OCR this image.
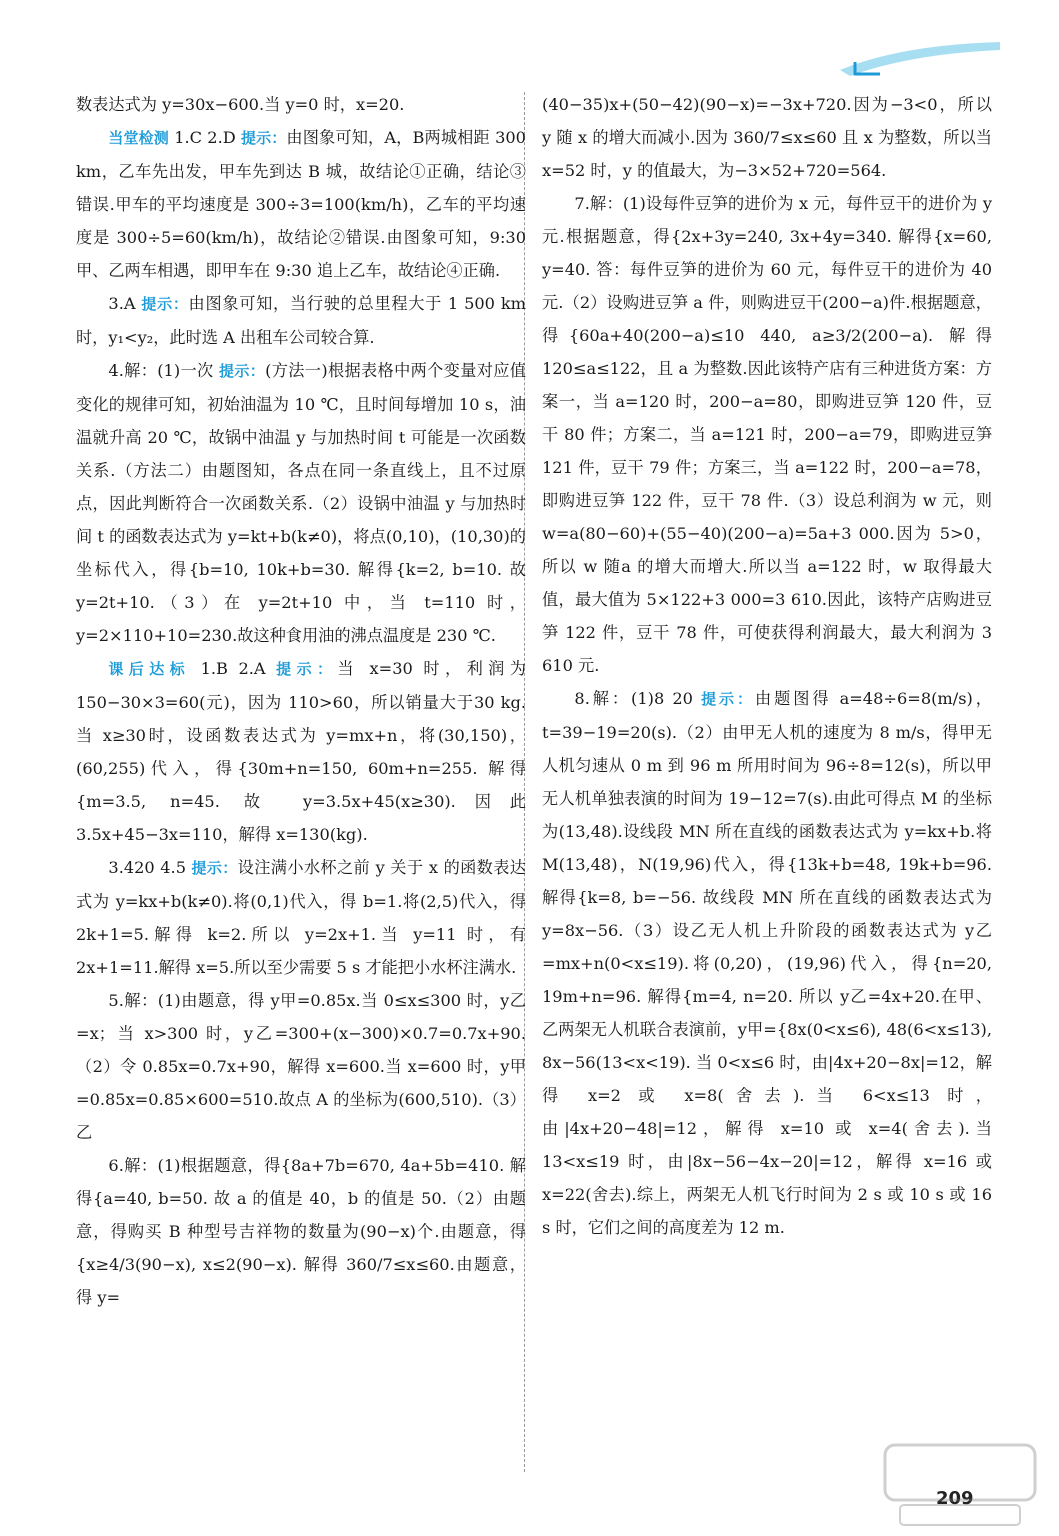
数表达式为 y=30x−600.当 y=0 时，x=20.

当堂检测 1.C 2.D 提示：由图象可知，A，B两城相距 300 km，乙车先出发，甲车先到达 B 城，故结论①正确，结论③错误.甲车的平均速度是 300÷3=100(km/h)，乙车的平均速度是 300÷5=60(km/h)，故结论②错误.由图象可知，9:30 甲、乙两车相遇，即甲车在 9:30 追上乙车，故结论④正确.

3.A 提示：由图象可知，当行驶的总里程大于 1 500 km 时，y₁<y₂，此时选 A 出租车公司较合算.

4.解：(1)一次 提示：(方法一)根据表格中两个变量对应值变化的规律可知，初始油温为 10 ℃，且时间每增加 10 s，油温就升高 20 ℃，故锅中油温 y 与加热时间 t 可能是一次函数关系.（方法二）由题图知，各点在同一条直线上，且不过原点，因此判断符合一次函数关系.（2）设锅中油温 y 与加热时间 t 的函数表达式为 y=kt+b(k≠0)，将点(0,10)，(10,30)的坐标代入，得{b=10, 10k+b=30. 解得{k=2, b=10. 故 y=2t+10.（3）在 y=2t+10 中，当 t=110 时，y=2×110+10=230.故这种食用油的沸点温度是 230 ℃.

课后达标 1.B 2.A 提示：当 x=30 时，利润为 150−30×3=60(元)，因为 110>60，所以销量大于30 kg.当 x≥30时，设函数表达式为 y=mx+n，将(30,150)，(60,255)代入，得{30m+n=150, 60m+n=255. 解得{m=3.5, n=45. 故 y=3.5x+45(x≥30).因此 3.5x+45−3x=110，解得 x=130(kg).

3.420 4.5 提示：设注满小水杯之前 y 关于 x 的函数表达式为 y=kx+b(k≠0).将(0,1)代入，得 b=1.将(2,5)代入，得 2k+1=5.解得 k=2.所以 y=2x+1.当 y=11 时，有 2x+1=11.解得 x=5.所以至少需要 5 s 才能把小水杯注满水.

5.解：(1)由题意，得 y甲=0.85x.当 0≤x≤300 时，y乙=x；当 x>300 时，y乙=300+(x−300)×0.7=0.7x+90.（2）令 0.85x=0.7x+90，解得 x=600.当 x=600 时，y甲=0.85x=0.85×600=510.故点 A 的坐标为(600,510).（3）乙

6.解：(1)根据题意，得{8a+7b=670, 4a+5b=410. 解得{a=40, b=50. 故 a 的值是 40，b 的值是 50.（2）由题意，得购买 B 种型号吉祥物的数量为(90−x)个.由题意，得{x≥4/3(90−x), x≤2(90−x). 解得 360/7≤x≤60.由题意，得 y=

(40−35)x+(50−42)(90−x)=−3x+720.因为−3<0，所以 y 随 x 的增大而减小.因为 360/7≤x≤60 且 x 为整数，所以当 x=52 时，y 的值最大，为−3×52+720=564.

7.解：(1)设每件豆笋的进价为 x 元，每件豆干的进价为 y 元.根据题意，得{2x+3y=240, 3x+4y=340. 解得{x=60, y=40. 答：每件豆笋的进价为 60 元，每件豆干的进价为 40 元.（2）设购进豆笋 a 件，则购进豆干(200−a)件.根据题意，得{60a+40(200−a)≤10 440, a≥3/2(200−a). 解得 120≤a≤122，且 a 为整数.因此该特产店有三种进货方案：方案一，当 a=120 时，200−a=80，即购进豆笋 120 件，豆干 80 件；方案二，当 a=121 时，200−a=79，即购进豆笋 121 件，豆干 79 件；方案三，当 a=122 时，200−a=78，即购进豆笋 122 件，豆干 78 件.（3）设总利润为 w 元，则 w=a(80−60)+(55−40)(200−a)=5a+3 000.因为 5>0，所以 w 随a 的增大而增大.所以当 a=122 时，w 取得最大值，最大值为 5×122+3 000=3 610.因此，该特产店购进豆笋 122 件，豆干 78 件，可使获得利润最大，最大利润为 3 610 元.

8.解：(1)8 20 提示：由题图得 a=48÷6=8(m/s)，t=39−19=20(s).（2）由甲无人机的速度为 8 m/s，得甲无人机匀速从 0 m 到 96 m 所用时间为 96÷8=12(s)，所以甲无人机单独表演的时间为 19−12=7(s).由此可得点 M 的坐标为(13,48).设线段 MN 所在直线的函数表达式为 y=kx+b.将 M(13,48)，N(19,96)代入，得{13k+b=48, 19k+b=96. 解得{k=8, b=−56. 故线段 MN 所在直线的函数表达式为 y=8x−56.（3）设乙无人机上升阶段的函数表达式为 y乙=mx+n(0<x≤19).将(0,20)，(19,96)代入，得{n=20, 19m+n=96. 解得{m=4, n=20. 所以 y乙=4x+20.在甲、乙两架无人机联合表演前，y甲={8x(0<x≤6), 48(6<x≤13), 8x−56(13<x<19). 当 0<x≤6 时，由|4x+20−8x|=12，解得 x=2 或 x=8(舍去).当 6<x≤13 时，由|4x+20−48|=12，解得 x=10 或 x=4(舍去).当 13<x≤19 时，由|8x−56−4x−20|=12，解得 x=16 或 x=22(舍去).综上，两架无人机飞行时间为 2 s 或 10 s 或 16 s 时，它们之间的高度差为 12 m.

209
